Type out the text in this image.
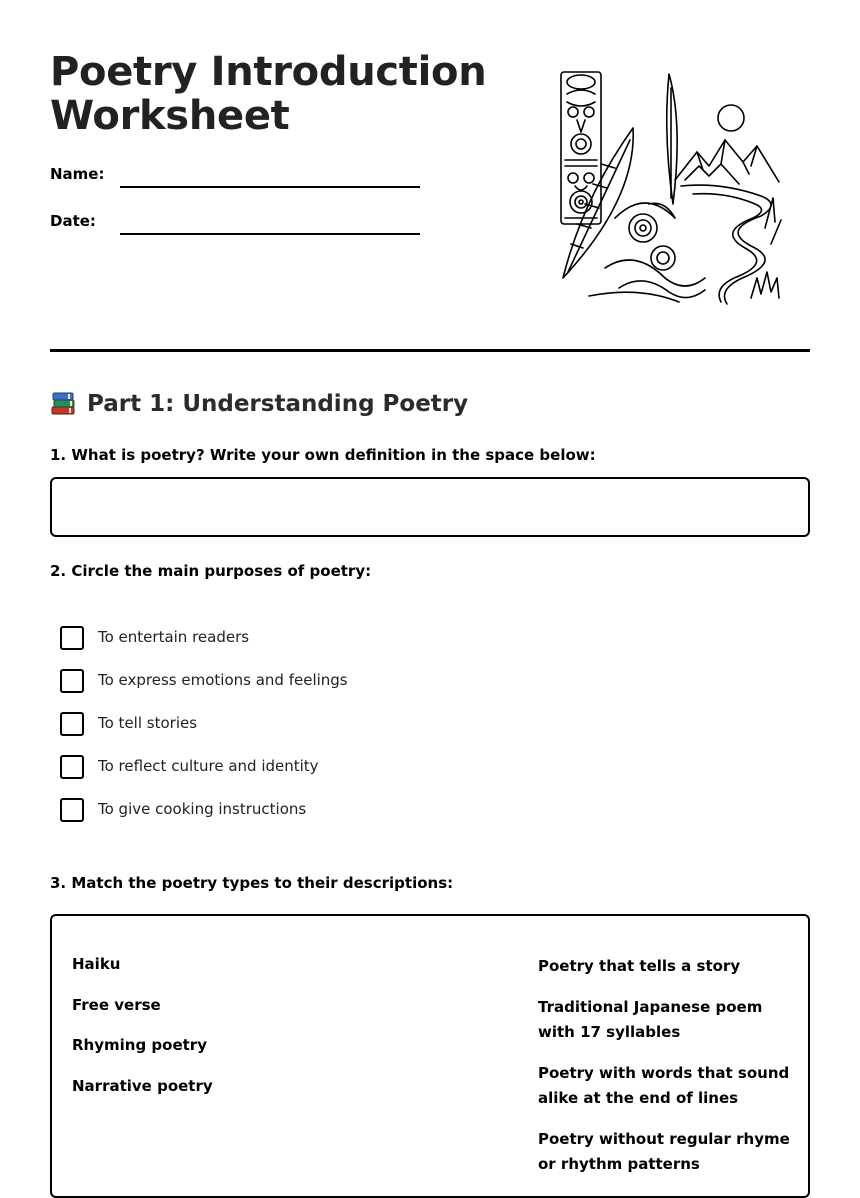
Poetry Introduction
Worksheet
Name:
Date:
Part 1: Understanding Poetry
1. What is poetry? Write your own definition in the space below:
2. Circle the main purposes of poetry:
To entertain readers
To express emotions and feelings
To tell stories
To reflect culture and identity
To give cooking instructions
3. Match the poetry types to their descriptions:
Haiku
Free verse
Rhyming poetry
Narrative poetry
Poetry that tells a story
Traditional Japanese poem with 17 syllables
Poetry with words that sound alike at the end of lines
Poetry without regular rhyme or rhythm patterns
